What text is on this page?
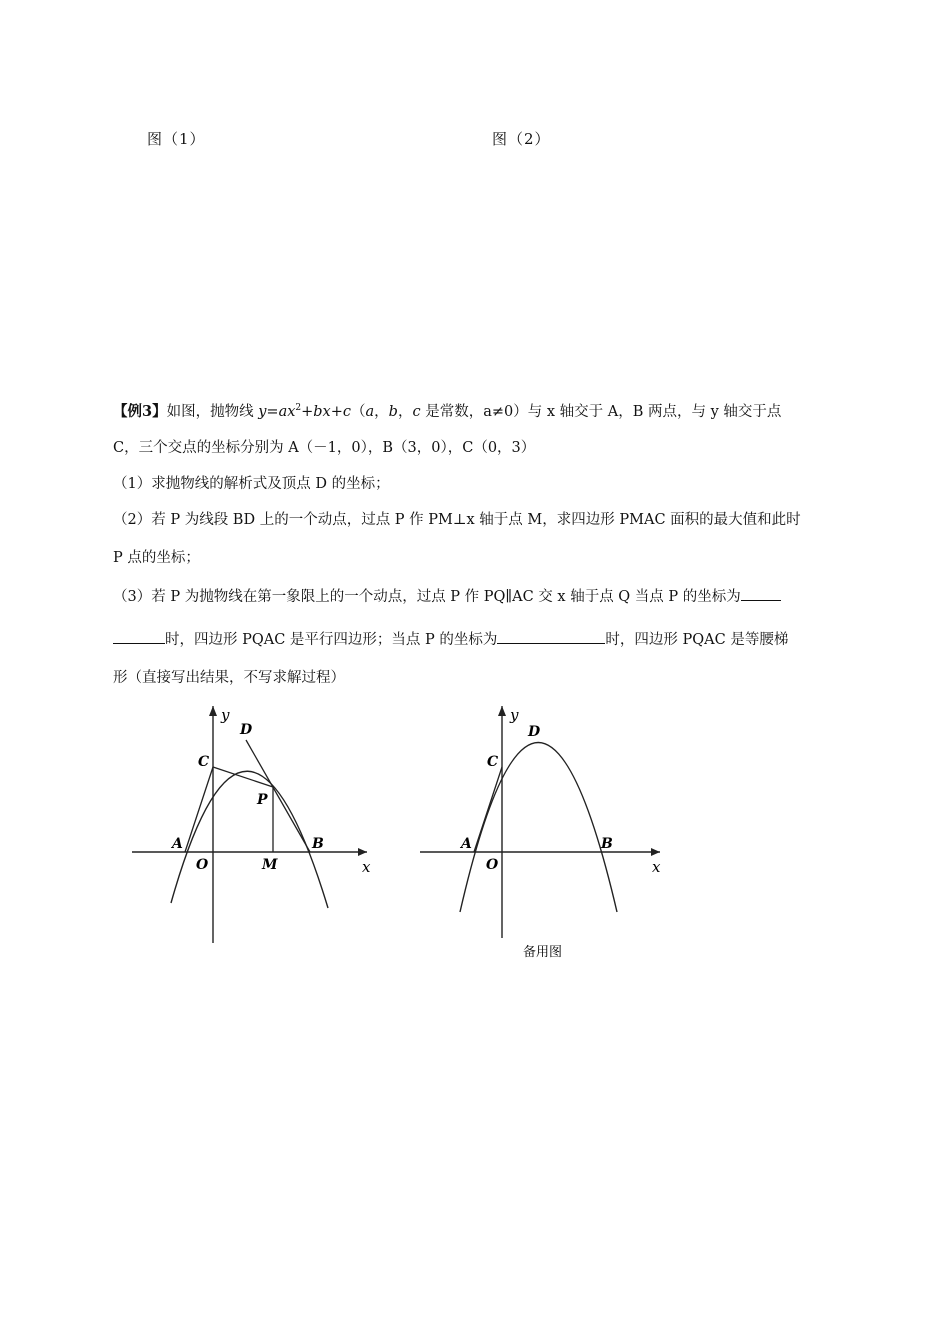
图（1）	图（2）
【例3】如图，抛物线 $y=ax^2+bx+c(a$，b，c 是常数，a≠0）与 x 轴交于 A，B 两点，与 y 轴交于点
C，三个交点的坐标分别为 A（－1，0），B（3，0），C（0，3）
（1）求抛物线的解析式及顶点 D 的坐标；
（2）若 P 为线段 BD 上的一个动点，过点 P 作 PM⊥x 轴于点 M，求四边形 PMAC 面积的最大值和此时
P 点的坐标；
（3）若 P 为抛物线在第一象限上的一个动点，过点 P 作 PQ∥AC 交 x 轴于点 Q 当点 P 的坐标为
时，四边形 PQAC 是平行四边形；当点 P 的坐标为	时，四边形 PQAC 是等腰梯
形（直接写出结果，不写求解过程）
y
x
O
A	B
C
D
P
M
y
x
O
A	B
C
D
备用图
